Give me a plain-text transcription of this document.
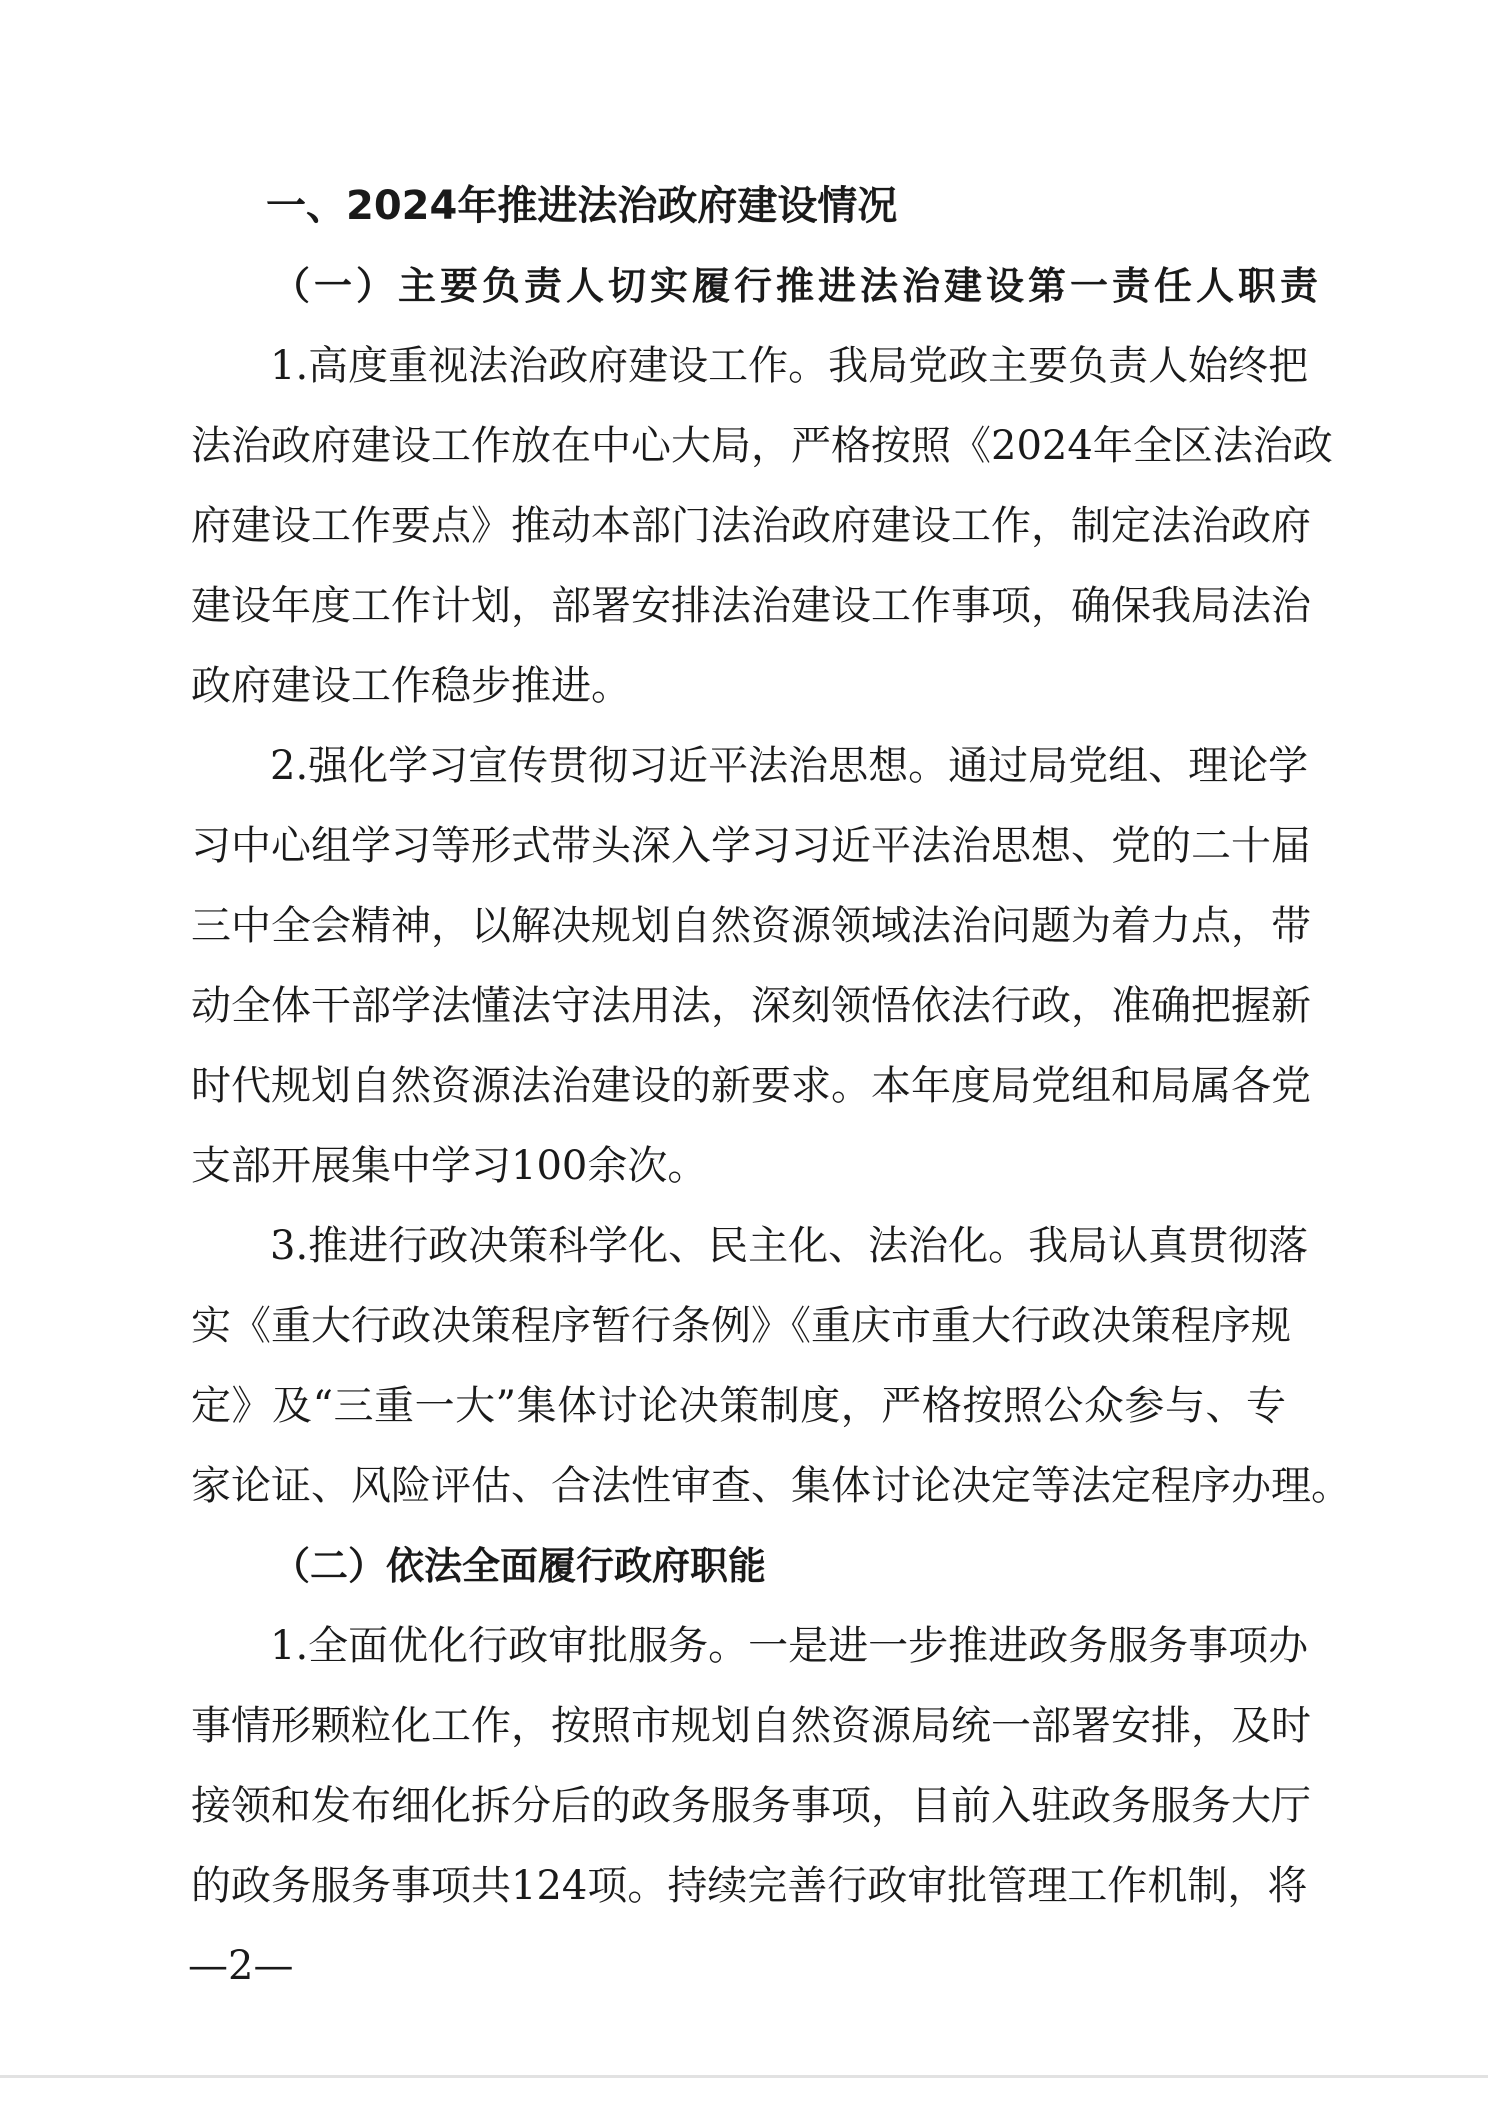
一、2024年推进法治政府建设情况

（一）主要负责人切实履行推进法治建设第一责任人职责

1.高度重视法治政府建设工作。我局党政主要负责人始终把

法治政府建设工作放在中心大局，严格按照《2024年全区法治政

府建设工作要点》推动本部门法治政府建设工作，制定法治政府

建设年度工作计划，部署安排法治建设工作事项，确保我局法治

政府建设工作稳步推进。

2.强化学习宣传贯彻习近平法治思想。通过局党组、理论学

习中心组学习等形式带头深入学习习近平法治思想、党的二十届

三中全会精神，以解决规划自然资源领域法治问题为着力点，带

动全体干部学法懂法守法用法，深刻领悟依法行政，准确把握新

时代规划自然资源法治建设的新要求。本年度局党组和局属各党

支部开展集中学习100余次。

3.推进行政决策科学化、民主化、法治化。我局认真贯彻落

实《重大行政决策程序暂行条例》《重庆市重大行政决策程序规

定》及“三重一大”集体讨论决策制度，严格按照公众参与、专

家论证、风险评估、合法性审查、集体讨论决定等法定程序办理。

（二）依法全面履行政府职能

1.全面优化行政审批服务。一是进一步推进政务服务事项办

事情形颗粒化工作，按照市规划自然资源局统一部署安排，及时

接领和发布细化拆分后的政务服务事项，目前入驻政务服务大厅

的政务服务事项共124项。持续完善行政审批管理工作机制，将

—2—
